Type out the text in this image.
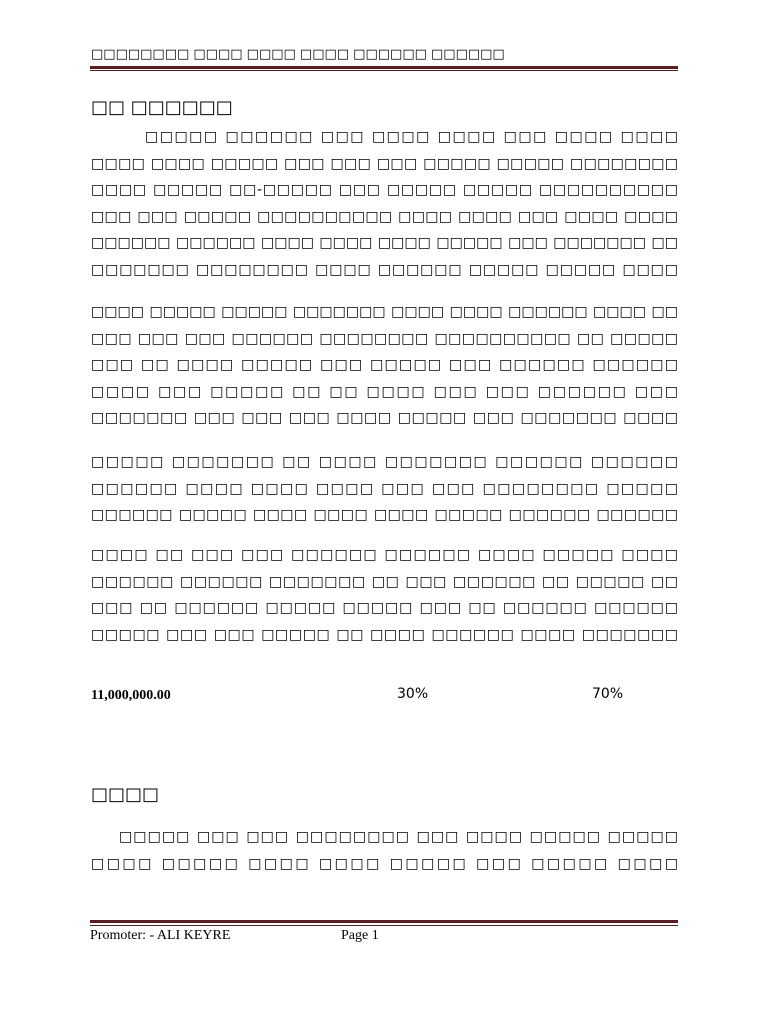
□□□□□□□□ □□□□ □□□□ □□□□ □□□□□□ □□□□□□
□□ □□□□□□
□□□□□ □□□□□□ □□□ □□□□ □□□□ □□□ □□□□ □□□□ □□□□ □□□□ □□□□□ □□□ □□□ □□□ □□□□□ □□□□□ □□□□□□□□ □□□□ □□□□□ □□-□□□□□ □□□ □□□□□ □□□□□ □□□□□□□□□□ □□□ □□□ □□□□□ □□□□□□□□□□ □□□□ □□□□ □□□ □□□□ □□□□ □□□□□□ □□□□□□ □□□□ □□□□ □□□□ □□□□□ □□□ □□□□□□□ □□ □□□□□□□ □□□□□□□□ □□□□ □□□□□□ □□□□□ □□□□□ □□□□
□□□□ □□□□□ □□□□□ □□□□□□□ □□□□ □□□□ □□□□□□ □□□□ □□ □□□ □□□ □□□ □□□□□□ □□□□□□□□ □□□□□□□□□□ □□ □□□□□ □□□ □□ □□□□ □□□□□ □□□ □□□□□ □□□ □□□□□□ □□□□□□ □□□□ □□□ □□□□□ □□ □□ □□□□ □□□ □□□ □□□□□□ □□□ □□□□□□□ □□□ □□□ □□□ □□□□ □□□□□ □□□ □□□□□□□ □□□□
□□□□□ □□□□□□□ □□ □□□□ □□□□□□□ □□□□□□ □□□□□□ □□□□□□ □□□□ □□□□ □□□□ □□□ □□□ □□□□□□□□ □□□□□ □□□□□□ □□□□□ □□□□ □□□□ □□□□ □□□□□ □□□□□□ □□□□□□
□□□□ □□ □□□ □□□ □□□□□□ □□□□□□ □□□□ □□□□□ □□□□ □□□□□□ □□□□□□ □□□□□□□ □□ □□□ □□□□□□ □□ □□□□□ □□ □□□ □□ □□□□□□ □□□□□ □□□□□ □□□ □□ □□□□□□ □□□□□□ □□□□□ □□□ □□□ □□□□□ □□ □□□□ □□□□□□ □□□□ □□□□□□□
11,000,000.00	30%	70%
□□□□
□□□□□ □□□ □□□ □□□□□□□□ □□□ □□□□ □□□□□ □□□□□ □□□□ □□□□□ □□□□ □□□□ □□□□□ □□□ □□□□□ □□□□
Promoter: - ALI KEYRE	Page 1
